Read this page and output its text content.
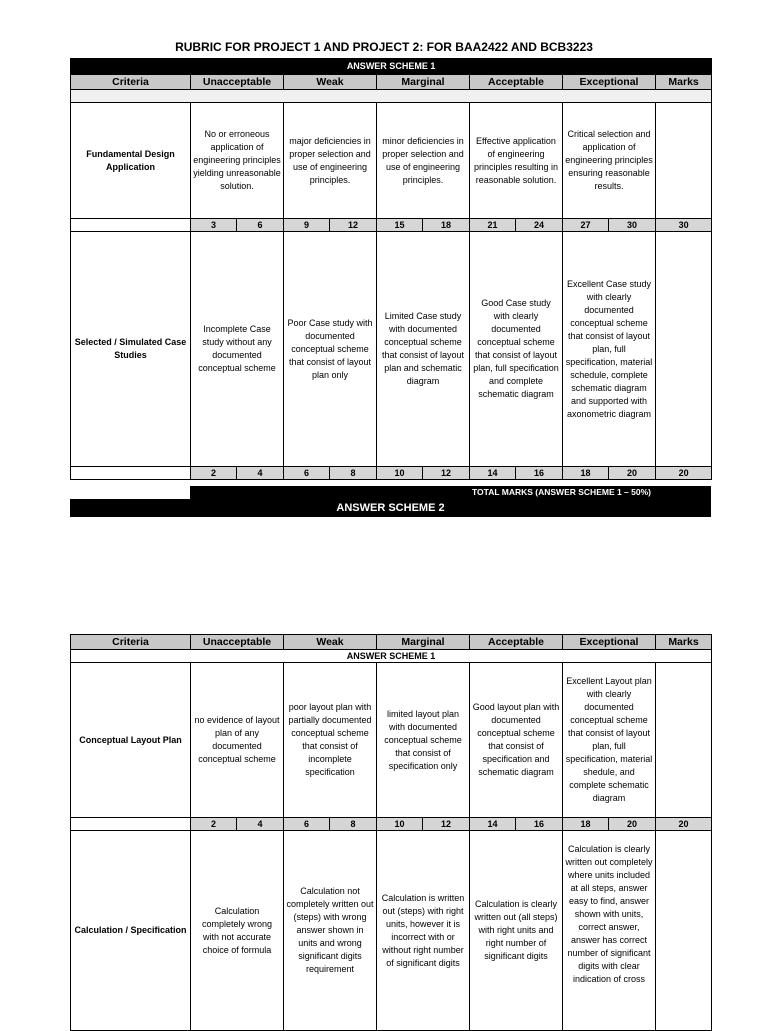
RUBRIC FOR PROJECT 1 AND PROJECT 2: FOR BAA2422 AND BCB3223
ANSWER SCHEME 1											
Criteria	Unacceptable		Weak		Marginal		Acceptable		Exceptional		Marks

Fundamental Design Application	No or erroneous application of engineering principles yielding unreasonable solution.		major deficiencies in proper selection and use of engineering principles.		minor deficiencies in proper selection and use of engineering principles.		Effective application of engineering principles resulting in reasonable solution.		Critical selection and application of engineering principles ensuring reasonable results.		
	3	6	9	12	15	18	21	24	27	30	30
Selected / Simulated Case Studies	Incomplete Case study without any documented conceptual scheme		Poor Case study with documented conceptual scheme that consist of layout plan only		Limited Case study with documented conceptual scheme that consist of layout plan and schematic diagram		Good Case study with clearly documented conceptual scheme that consist of layout plan, full specification and complete schematic diagram		Excellent Case study with clearly documented conceptual scheme that consist of layout plan, full specification, material schedule, complete schematic diagram and supported with axonometric diagram		
	2	4	6	8	10	12	14	16	18	20	20
TOTAL MARKS (ANSWER SCHEME 1 – 50%)
ANSWER SCHEME 2
Criteria	Unacceptable		Weak		Marginal		Acceptable		Exceptional		Marks
ANSWER SCHEME 1											
Conceptual Layout Plan	no evidence of layout plan of any documented conceptual scheme		poor layout plan with partially documented conceptual scheme that consist of incomplete specification		limited layout plan with documented conceptual scheme that consist of specification only		Good layout plan with documented conceptual scheme that consist of specification and schematic diagram		Excellent Layout plan with clearly documented conceptual scheme that consist of layout plan, full specification, material shedule, and complete schematic diagram		
	2	4	6	8	10	12	14	16	18	20	20
Calculation / Specification	Calculation completely wrong with not accurate choice of formula		Calculation not completely written out (steps) with wrong answer shown in units and wrong significant digits requirement		Calculation is written out (steps) with right units, however it is incorrect with or without right number of significant digits		Calculation is clearly written out (all steps) with right units and right number of significant digits		Calculation is clearly written out completely where units included at all steps, answer easy to find, answer shown with units, correct answer, answer has correct number of significant digits with clear indication of cross		
